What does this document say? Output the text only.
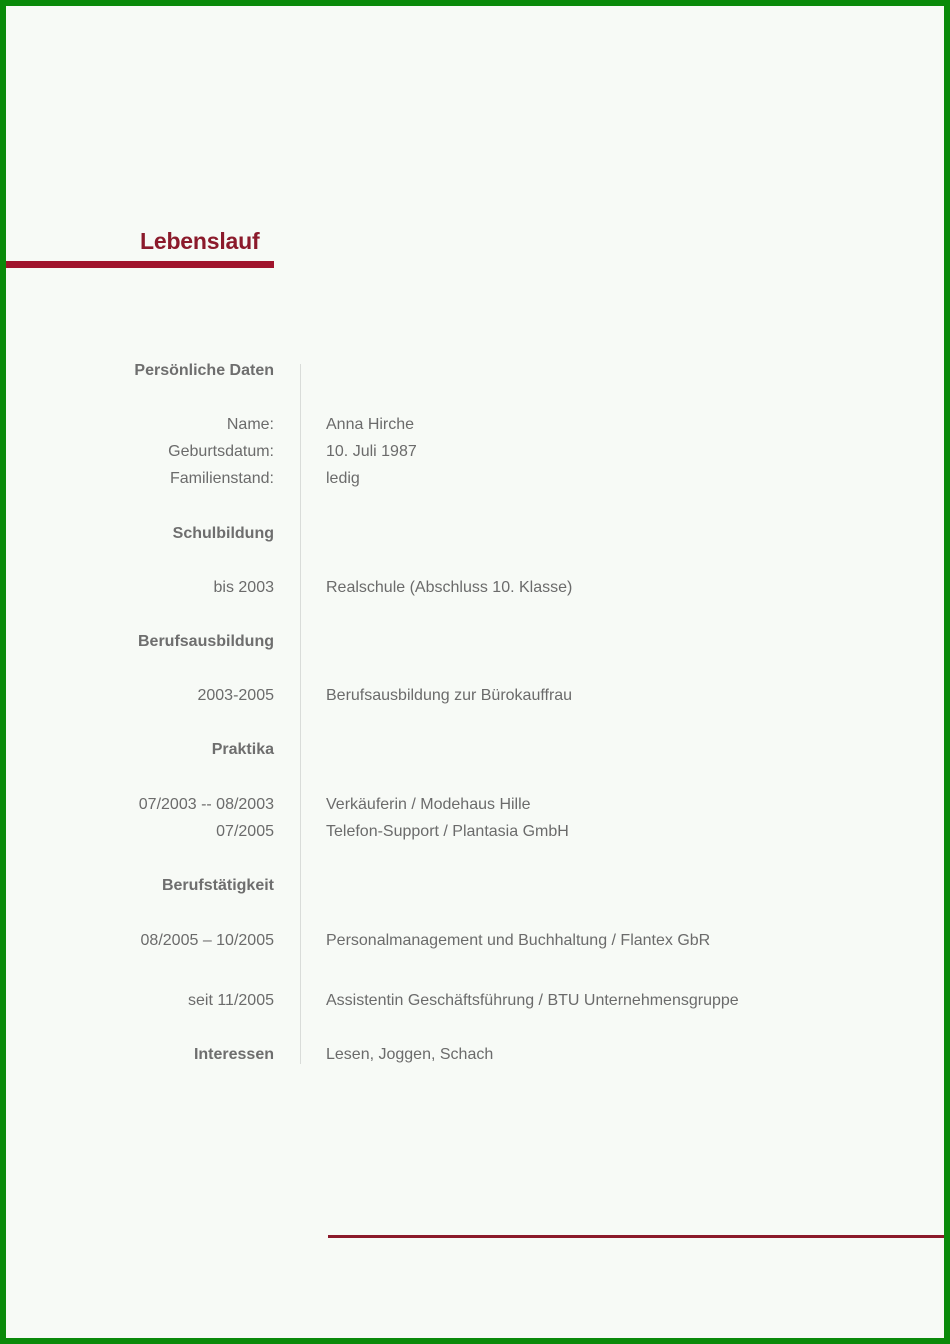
Lebenslauf
Persönliche Daten
Name:	Anna Hirche
Geburtsdatum:	10. Juli 1987
Familienstand:	ledig
Schulbildung
bis 2003	Realschule (Abschluss 10. Klasse)
Berufsausbildung
2003-2005	Berufsausbildung zur Bürokauffrau
Praktika
07/2003 -- 08/2003	Verkäuferin / Modehaus Hille
07/2005	Telefon-Support / Plantasia GmbH
Berufstätigkeit
08/2005 – 10/2005	Personalmanagement und Buchhaltung / Flantex GbR
seit 11/2005	Assistentin Geschäftsführung / BTU Unternehmensgruppe
Interessen	Lesen, Joggen, Schach
